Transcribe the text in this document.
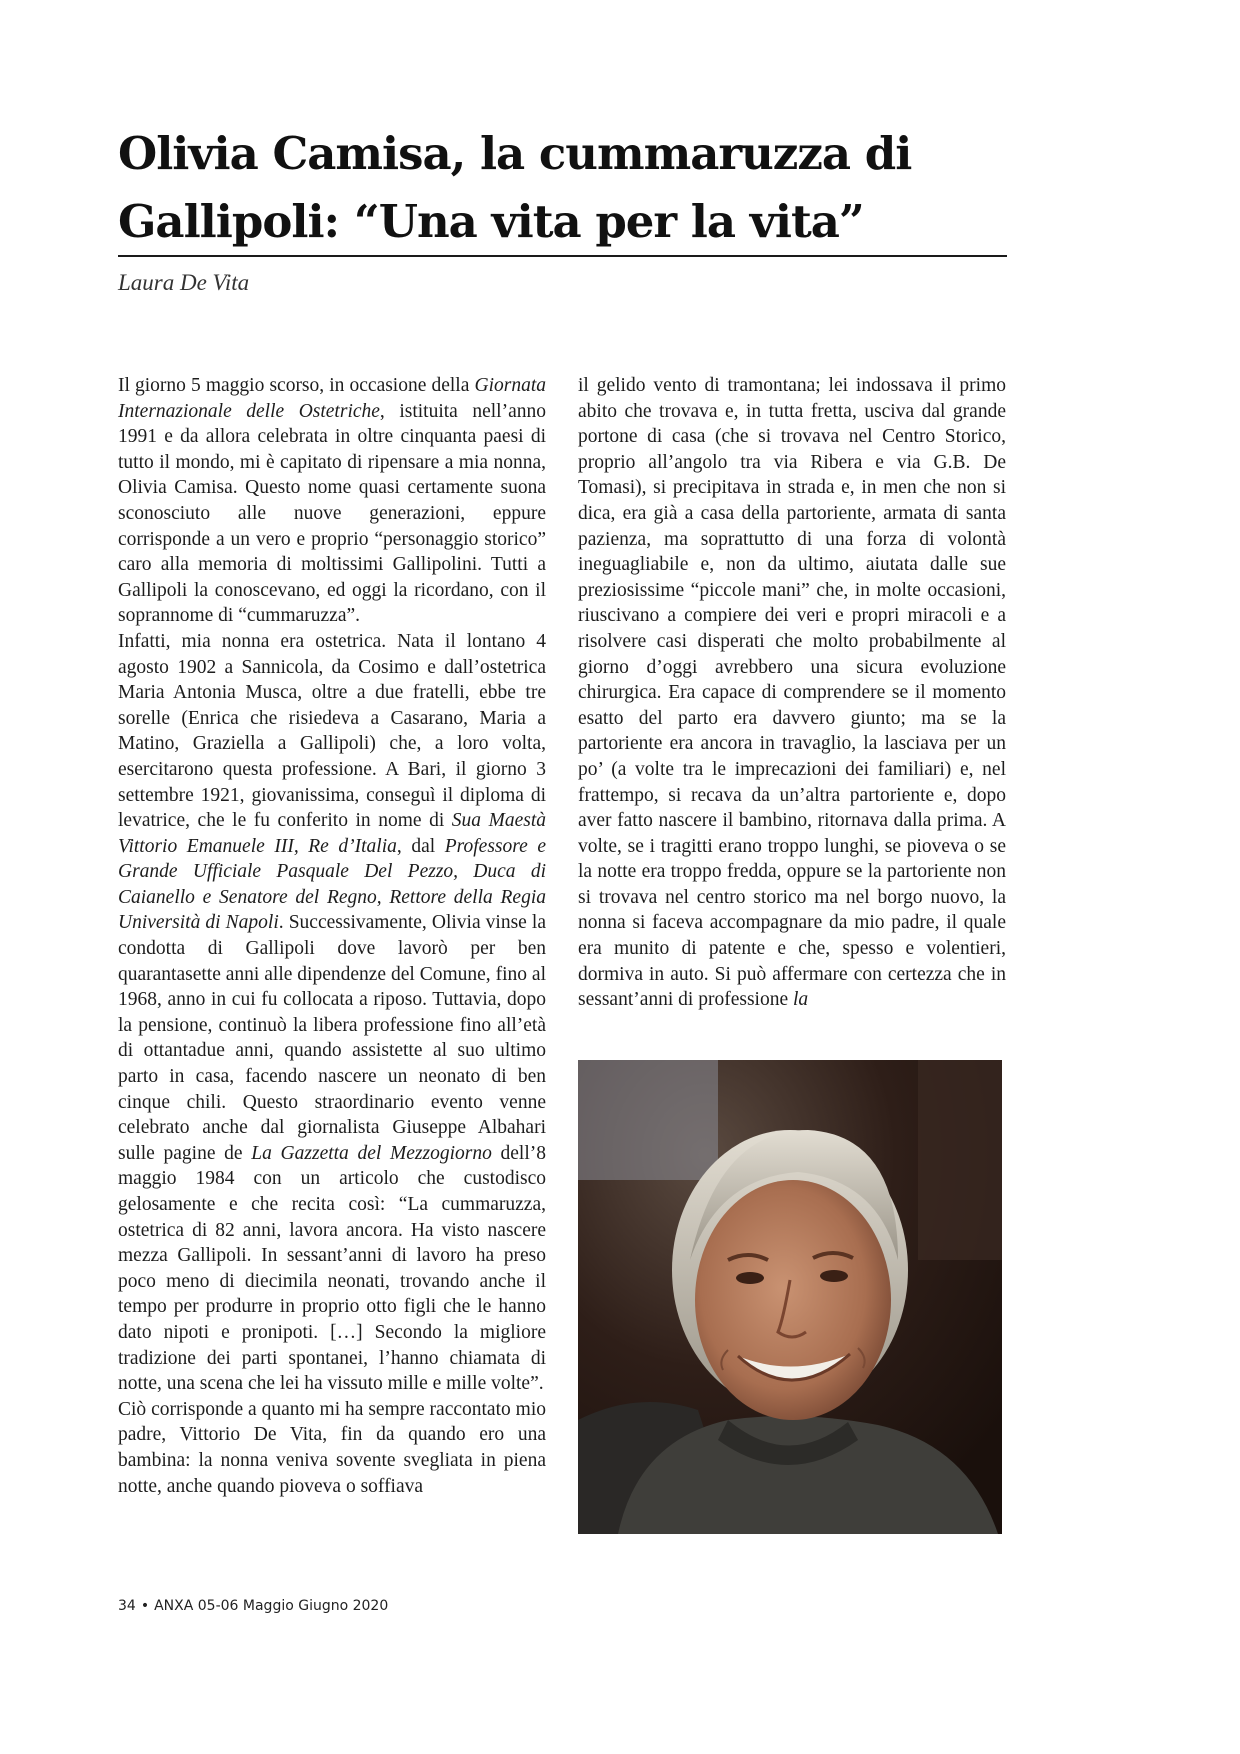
Olivia Camisa, la cummaruzza di Gallipoli: “Una vita per la vita”
Laura De Vita

Il giorno 5 maggio scorso, in occasione della Giornata Internazionale delle Ostetriche, istituita nell’anno 1991 e da allora celebrata in oltre cinquanta paesi di tutto il mondo, mi è capitato di ripensare a mia nonna, Olivia Camisa. Questo nome quasi certamente suona sconosciuto alle nuove generazioni, eppure corrisponde a un vero e proprio “personaggio storico” caro alla memoria di moltissimi Gallipolini. Tutti a Gallipoli la conoscevano, ed oggi la ricordano, con il soprannome di “cummaruzza”.

Infatti, mia nonna era ostetrica. Nata il lontano 4 agosto 1902 a Sannicola, da Cosimo e dall’ostetrica Maria Antonia Musca, oltre a due fratelli, ebbe tre sorelle (Enrica che risiedeva a Casarano, Maria a Matino, Graziella a Gallipoli) che, a loro volta, esercitarono questa professione. A Bari, il giorno 3 settembre 1921, giovanissima, conseguì il diploma di levatrice, che le fu conferito in nome di Sua Maestà Vittorio Emanuele III, Re d’Italia, dal Professore e Grande Ufficiale Pasquale Del Pezzo, Duca di Caianello e Senatore del Regno, Rettore della Regia Università di Napoli. Successivamente, Olivia vinse la condotta di Gallipoli dove lavorò per ben quarantasette anni alle dipendenze del Comune, fino al 1968, anno in cui fu collocata a riposo. Tuttavia, dopo la pensione, continuò la libera professione fino all’età di ottantadue anni, quando assistette al suo ultimo parto in casa, facendo nascere un neonato di ben cinque chili. Questo straordinario evento venne celebrato anche dal giornalista Giuseppe Albahari sulle pagine de La Gazzetta del Mezzogiorno dell’8 maggio 1984 con un articolo che custodisco gelosamente e che recita così: “La cummaruzza, ostetrica di 82 anni, lavora ancora. Ha visto nascere mezza Gallipoli. In sessant’anni di lavoro ha preso poco meno di diecimila neonati, trovando anche il tempo per produrre in proprio otto figli che le hanno dato nipoti e pronipoti. […] Secondo la migliore tradizione dei parti spontanei, l’hanno chiamata di notte, una scena che lei ha vissuto mille e mille volte”.

Ciò corrisponde a quanto mi ha sempre raccontato mio padre, Vittorio De Vita, fin da quando ero una bambina: la nonna veniva sovente svegliata in piena notte, anche quando pioveva o soffiava

il gelido vento di tramontana; lei indossava il primo abito che trovava e, in tutta fretta, usciva dal grande portone di casa (che si trovava nel Centro Storico, proprio all’angolo tra via Ribera e via G.B. De Tomasi), si precipitava in strada e, in men che non si dica, era già a casa della partoriente, armata di santa pazienza, ma soprattutto di una forza di volontà ineguagliabile e, non da ultimo, aiutata dalle sue preziosissime “piccole mani” che, in molte occasioni, riuscivano a compiere dei veri e propri miracoli e a risolvere casi disperati che molto probabilmente al giorno d’oggi avrebbero una sicura evoluzione chirurgica. Era capace di comprendere se il momento esatto del parto era davvero giunto; ma se la partoriente era ancora in travaglio, la lasciava per un po’ (a volte tra le imprecazioni dei familiari) e, nel frattempo, si recava da un’altra partoriente e, dopo aver fatto nascere il bambino, ritornava dalla prima. A volte, se i tragitti erano troppo lunghi, se pioveva o se la notte era troppo fredda, oppure se la partoriente non si trovava nel centro storico ma nel borgo nuovo, la nonna si faceva accompagnare da mio padre, il quale era munito di patente e che, spesso e volentieri, dormiva in auto. Si può affermare con certezza che in sessant’anni di professione la

34 • ANXA 05-06 Maggio Giugno 2020
